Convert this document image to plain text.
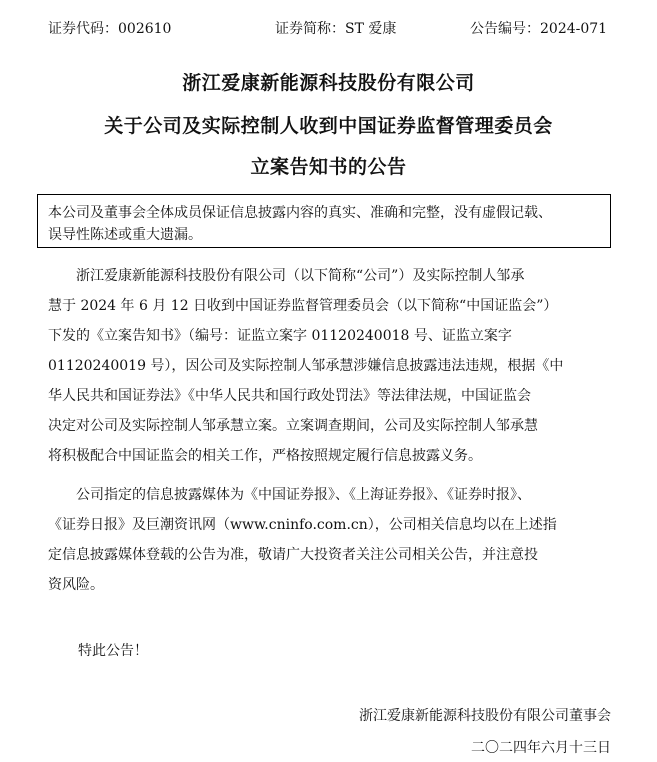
证券代码：002610	证券简称：ST 爱康	公告编号：2024-071
浙江爱康新能源科技股份有限公司
关于公司及实际控制人收到中国证券监督管理委员会
立案告知书的公告
本公司及董事会全体成员保证信息披露内容的真实、准确和完整，没有虚假记载、
误导性陈述或重大遗漏。
　　浙江爱康新能源科技股份有限公司（以下简称“公司”）及实际控制人邹承
慧于 2024 年 6 月 12 日收到中国证券监督管理委员会（以下简称“中国证监会”）
下发的《立案告知书》（编号：证监立案字 01120240018 号、证监立案字
01120240019 号），因公司及实际控制人邹承慧涉嫌信息披露违法违规，根据《中
华人民共和国证券法》《中华人民共和国行政处罚法》等法律法规，中国证监会
决定对公司及实际控制人邹承慧立案。立案调查期间，公司及实际控制人邹承慧
将积极配合中国证监会的相关工作，严格按照规定履行信息披露义务。
　　公司指定的信息披露媒体为《中国证券报》、《上海证券报》、《证券时报》、
《证券日报》及巨潮资讯网（www.cninfo.com.cn），公司相关信息均以在上述指
定信息披露媒体登载的公告为准，敬请广大投资者关注公司相关公告，并注意投
资风险。
特此公告！
浙江爱康新能源科技股份有限公司董事会
二〇二四年六月十三日
